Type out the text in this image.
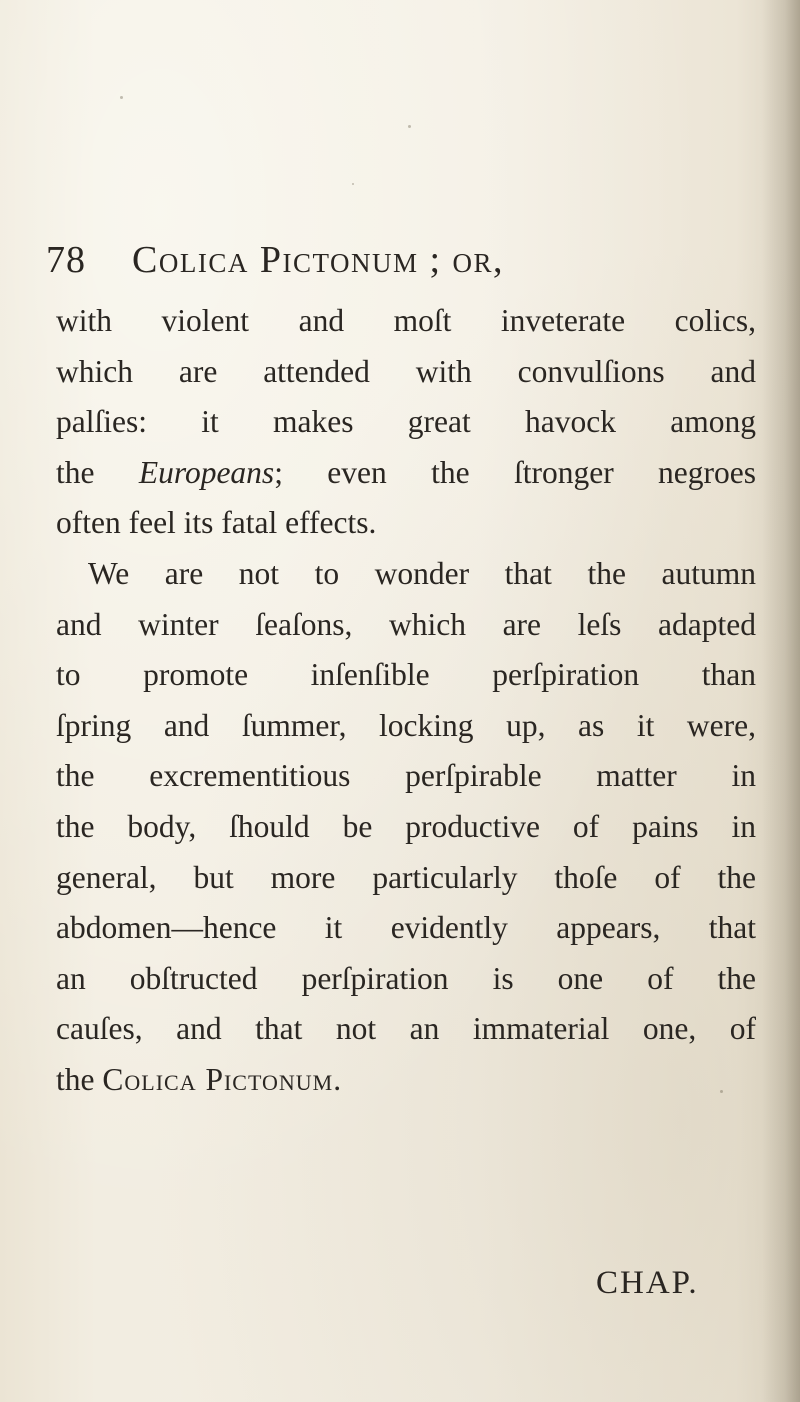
78 Colica Pictonum ; or,
with violent and moſt inveterate colics,
which are attended with convulſions and
palſies: it makes great havock among
the Europeans; even the ſtronger negroes
often feel its fatal effects.
We are not to wonder that the autumn
and winter ſeaſons, which are leſs adapted
to promote inſenſible perſpiration than
ſpring and ſummer, locking up, as it were,
the excrementitious perſpirable matter in
the body, ſhould be productive of pains in
general, but more particularly thoſe of the
abdomen—hence it evidently appears, that
an obſtructed perſpiration is one of the
cauſes, and that not an immaterial one, of
the Colica Pictonum.
CHAP.
